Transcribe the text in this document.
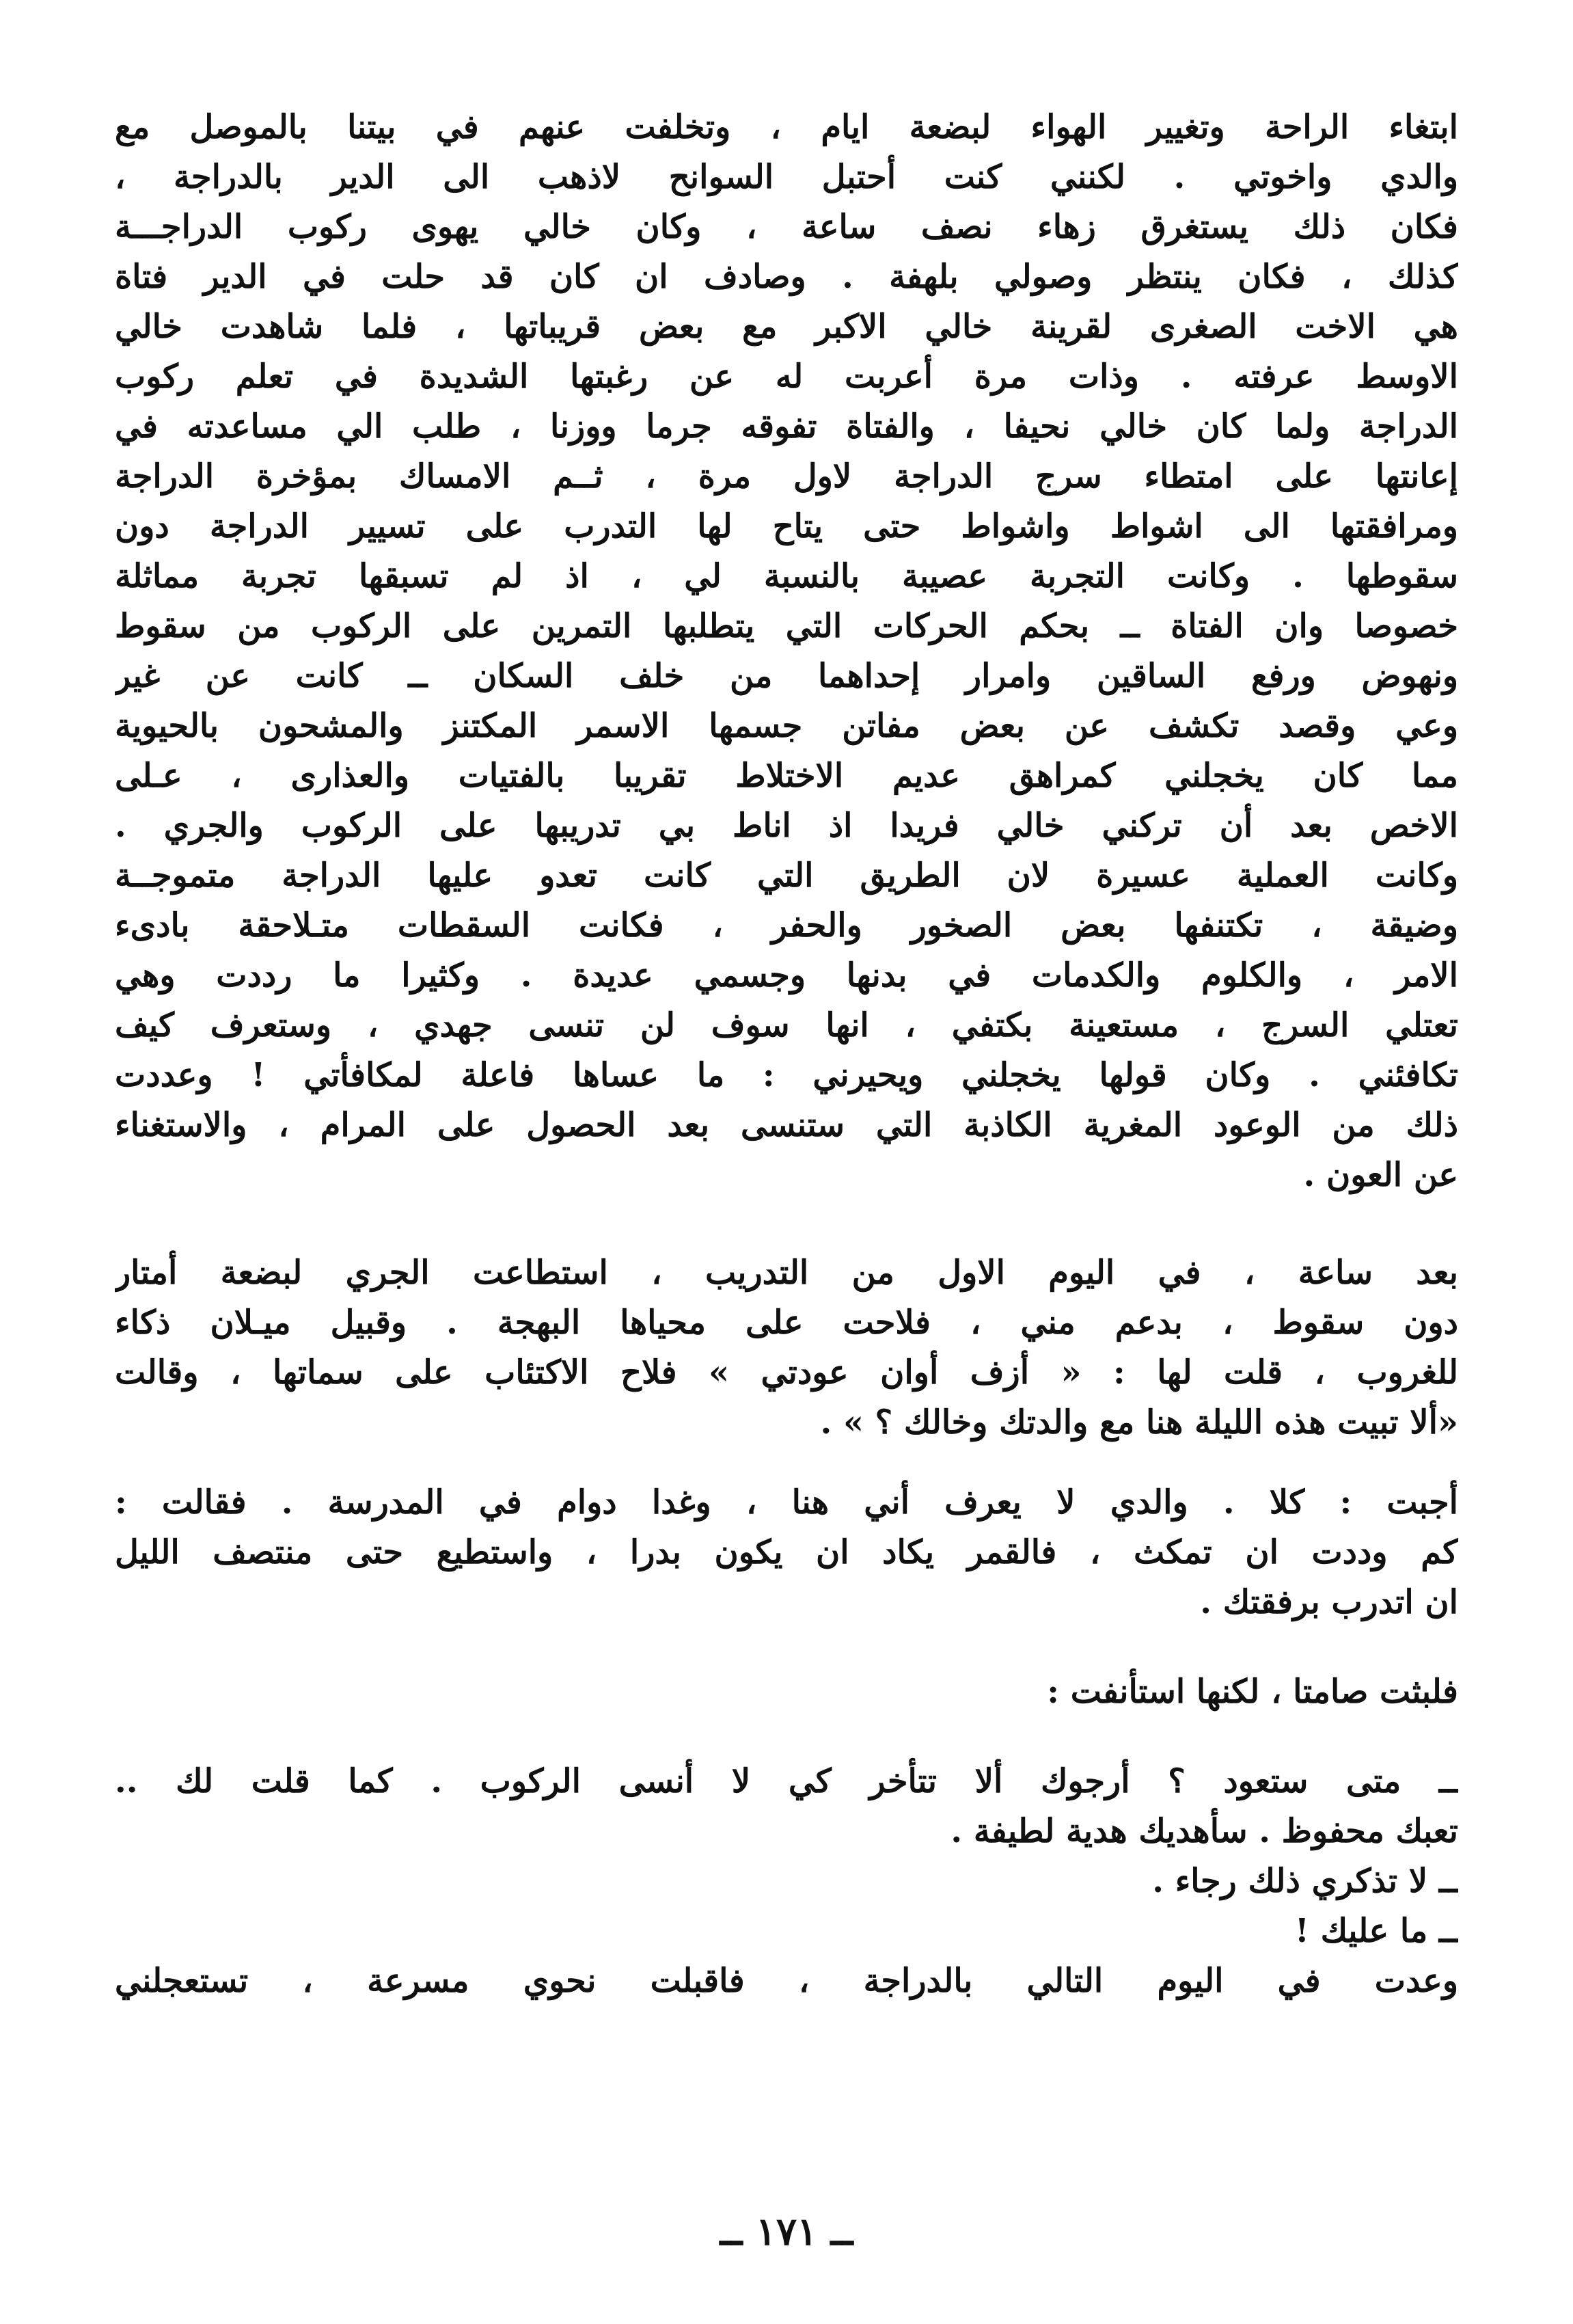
ابتغاء الراحة وتغيير الهواء لبضعة ايام ، وتخلفت عنهم في بيتنا بالموصل مع
والدي واخوتي . لكنني كنت أحتبل السوانح لاذهب الى الدير بالدراجة ،
فكان ذلك يستغرق زهاء نصف ساعة ، وكان خالي يهوى ركوب الدراجـــة
كذلك ، فكان ينتظر وصولي بلهفة . وصادف ان كان قد حلت في الدير فتاة
هي الاخت الصغرى لقرينة خالي الاكبر مع بعض قريباتها ، فلما شاهدت خالي
الاوسط عرفته . وذات مرة أعربت له عن رغبتها الشديدة في تعلم ركوب
الدراجة ولما كان خالي نحيفا ، والفتاة تفوقه جرما ووزنا ، طلب الي مساعدته في
إعانتها على امتطاء سرج الدراجة لاول مرة ، ثــم الامساك بمؤخرة الدراجة
ومرافقتها الى اشواط واشواط حتى يتاح لها التدرب على تسيير الدراجة دون
سقوطها . وكانت التجربة عصيبة بالنسبة لي ، اذ لم تسبقها تجربة مماثلة
خصوصا وان الفتاة ــ بحكم الحركات التي يتطلبها التمرين على الركوب من سقوط
ونهوض ورفع الساقين وامرار إحداهما من خلف السكان ــ كانت عن غير
وعي وقصد تكشف عن بعض مفاتن جسمها الاسمر المكتنز والمشحون بالحيوية
مما كان يخجلني كمراهق عديم الاختلاط تقريبا بالفتيات والعذارى ، عـلى
الاخص بعد أن تركني خالي فريدا اذ اناط بي تدريبها على الركوب والجري .
وكانت العملية عسيرة لان الطريق التي كانت تعدو عليها الدراجة متموجــة
وضيقة ، تكتنفها بعض الصخور والحفر ، فكانت السقطات متـلاحقة بادىء
الامر ، والكلوم والكدمات في بدنها وجسمي عديدة . وكثيرا ما رددت وهي
تعتلي السرج ، مستعينة بكتفي ، انها سوف لن تنسى جهدي ، وستعرف كيف
تكافئني . وكان قولها يخجلني ويحيرني : ما عساها فاعلة لمكافأتي ! وعددت
ذلك من الوعود المغرية الكاذبة التي ستنسى بعد الحصول على المرام ، والاستغناء
عن العون .
بعد ساعة ، في اليوم الاول من التدريب ، استطاعت الجري لبضعة أمتار
دون سقوط ، بدعم مني ، فلاحت على محياها البهجة . وقبيل ميـلان ذكاء
للغروب ، قلت لها : « أزف أوان عودتي » فلاح الاكتئاب على سماتها ، وقالت
«ألا تبيت هذه الليلة هنا مع والدتك وخالك ؟ » .
أجبت : كلا . والدي لا يعرف أني هنا ، وغدا دوام في المدرسة . فقالت :
كم وددت ان تمكث ، فالقمر يكاد ان يكون بدرا ، واستطيع حتى منتصف الليل
ان اتدرب برفقتك .
فلبثت صامتا ، لكنها استأنفت :
ــ متى ستعود ؟ أرجوك ألا تتأخر كي لا أنسى الركوب . كما قلت لك ..
تعبك محفوظ . سأهديك هدية لطيفة .
ــ لا تذكري ذلك رجاء .
ــ ما عليك !
وعدت في اليوم التالي بالدراجة ، فاقبلت نحوي مسرعة ، تستعجلني
ــ ١٧١ ــ
